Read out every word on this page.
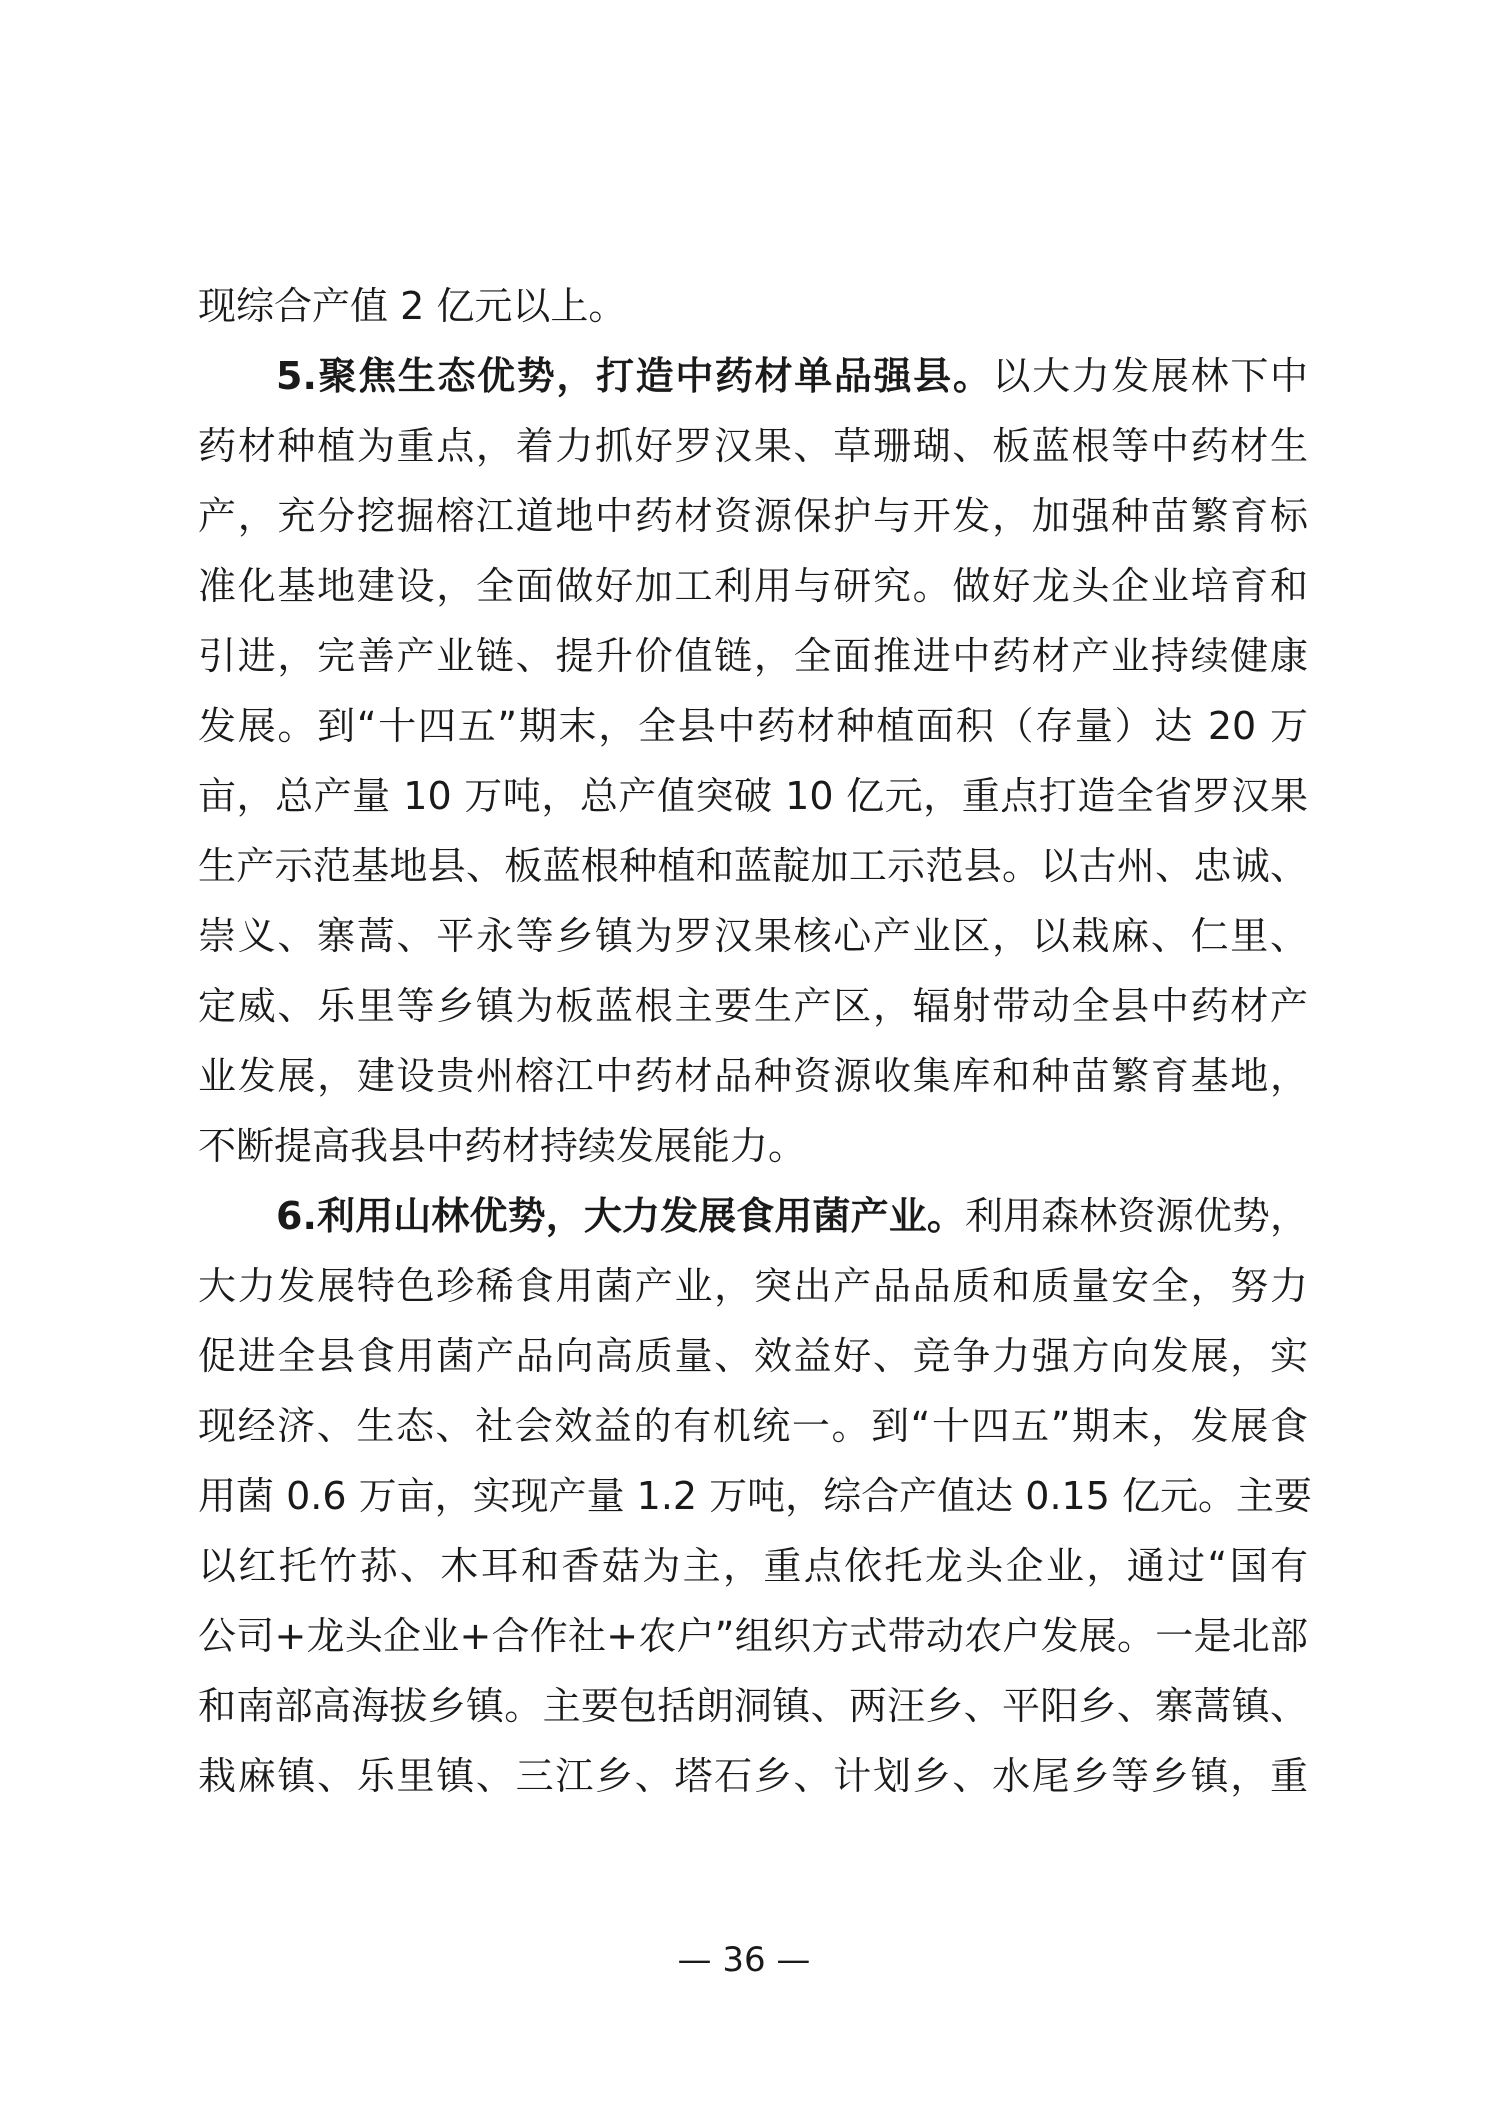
现综合产值 2 亿元以上。
5.聚焦生态优势，打造中药材单品强县。以大力发展林下中
药材种植为重点，着力抓好罗汉果、草珊瑚、板蓝根等中药材生
产，充分挖掘榕江道地中药材资源保护与开发，加强种苗繁育标
准化基地建设，全面做好加工利用与研究。做好龙头企业培育和
引进，完善产业链、提升价值链，全面推进中药材产业持续健康
发展。到“十四五”期末，全县中药材种植面积（存量）达 20 万
亩，总产量 10 万吨，总产值突破 10 亿元，重点打造全省罗汉果
生产示范基地县、板蓝根种植和蓝靛加工示范县。以古州、忠诚、
崇义、寨蒿、平永等乡镇为罗汉果核心产业区，以栽麻、仁里、
定威、乐里等乡镇为板蓝根主要生产区，辐射带动全县中药材产
业发展，建设贵州榕江中药材品种资源收集库和种苗繁育基地，
不断提高我县中药材持续发展能力。
6.利用山林优势，大力发展食用菌产业。利用森林资源优势，
大力发展特色珍稀食用菌产业，突出产品品质和质量安全，努力
促进全县食用菌产品向高质量、效益好、竞争力强方向发展，实
现经济、生态、社会效益的有机统一。到“十四五”期末，发展食
用菌 0.6 万亩，实现产量 1.2 万吨，综合产值达 0.15 亿元。主要
以红托竹荪、木耳和香菇为主，重点依托龙头企业，通过“国有
公司+龙头企业+合作社+农户”组织方式带动农户发展。一是北部
和南部高海拔乡镇。主要包括朗洞镇、两汪乡、平阳乡、寨蒿镇、
栽麻镇、乐里镇、三江乡、塔石乡、计划乡、水尾乡等乡镇，重
— 36 —
